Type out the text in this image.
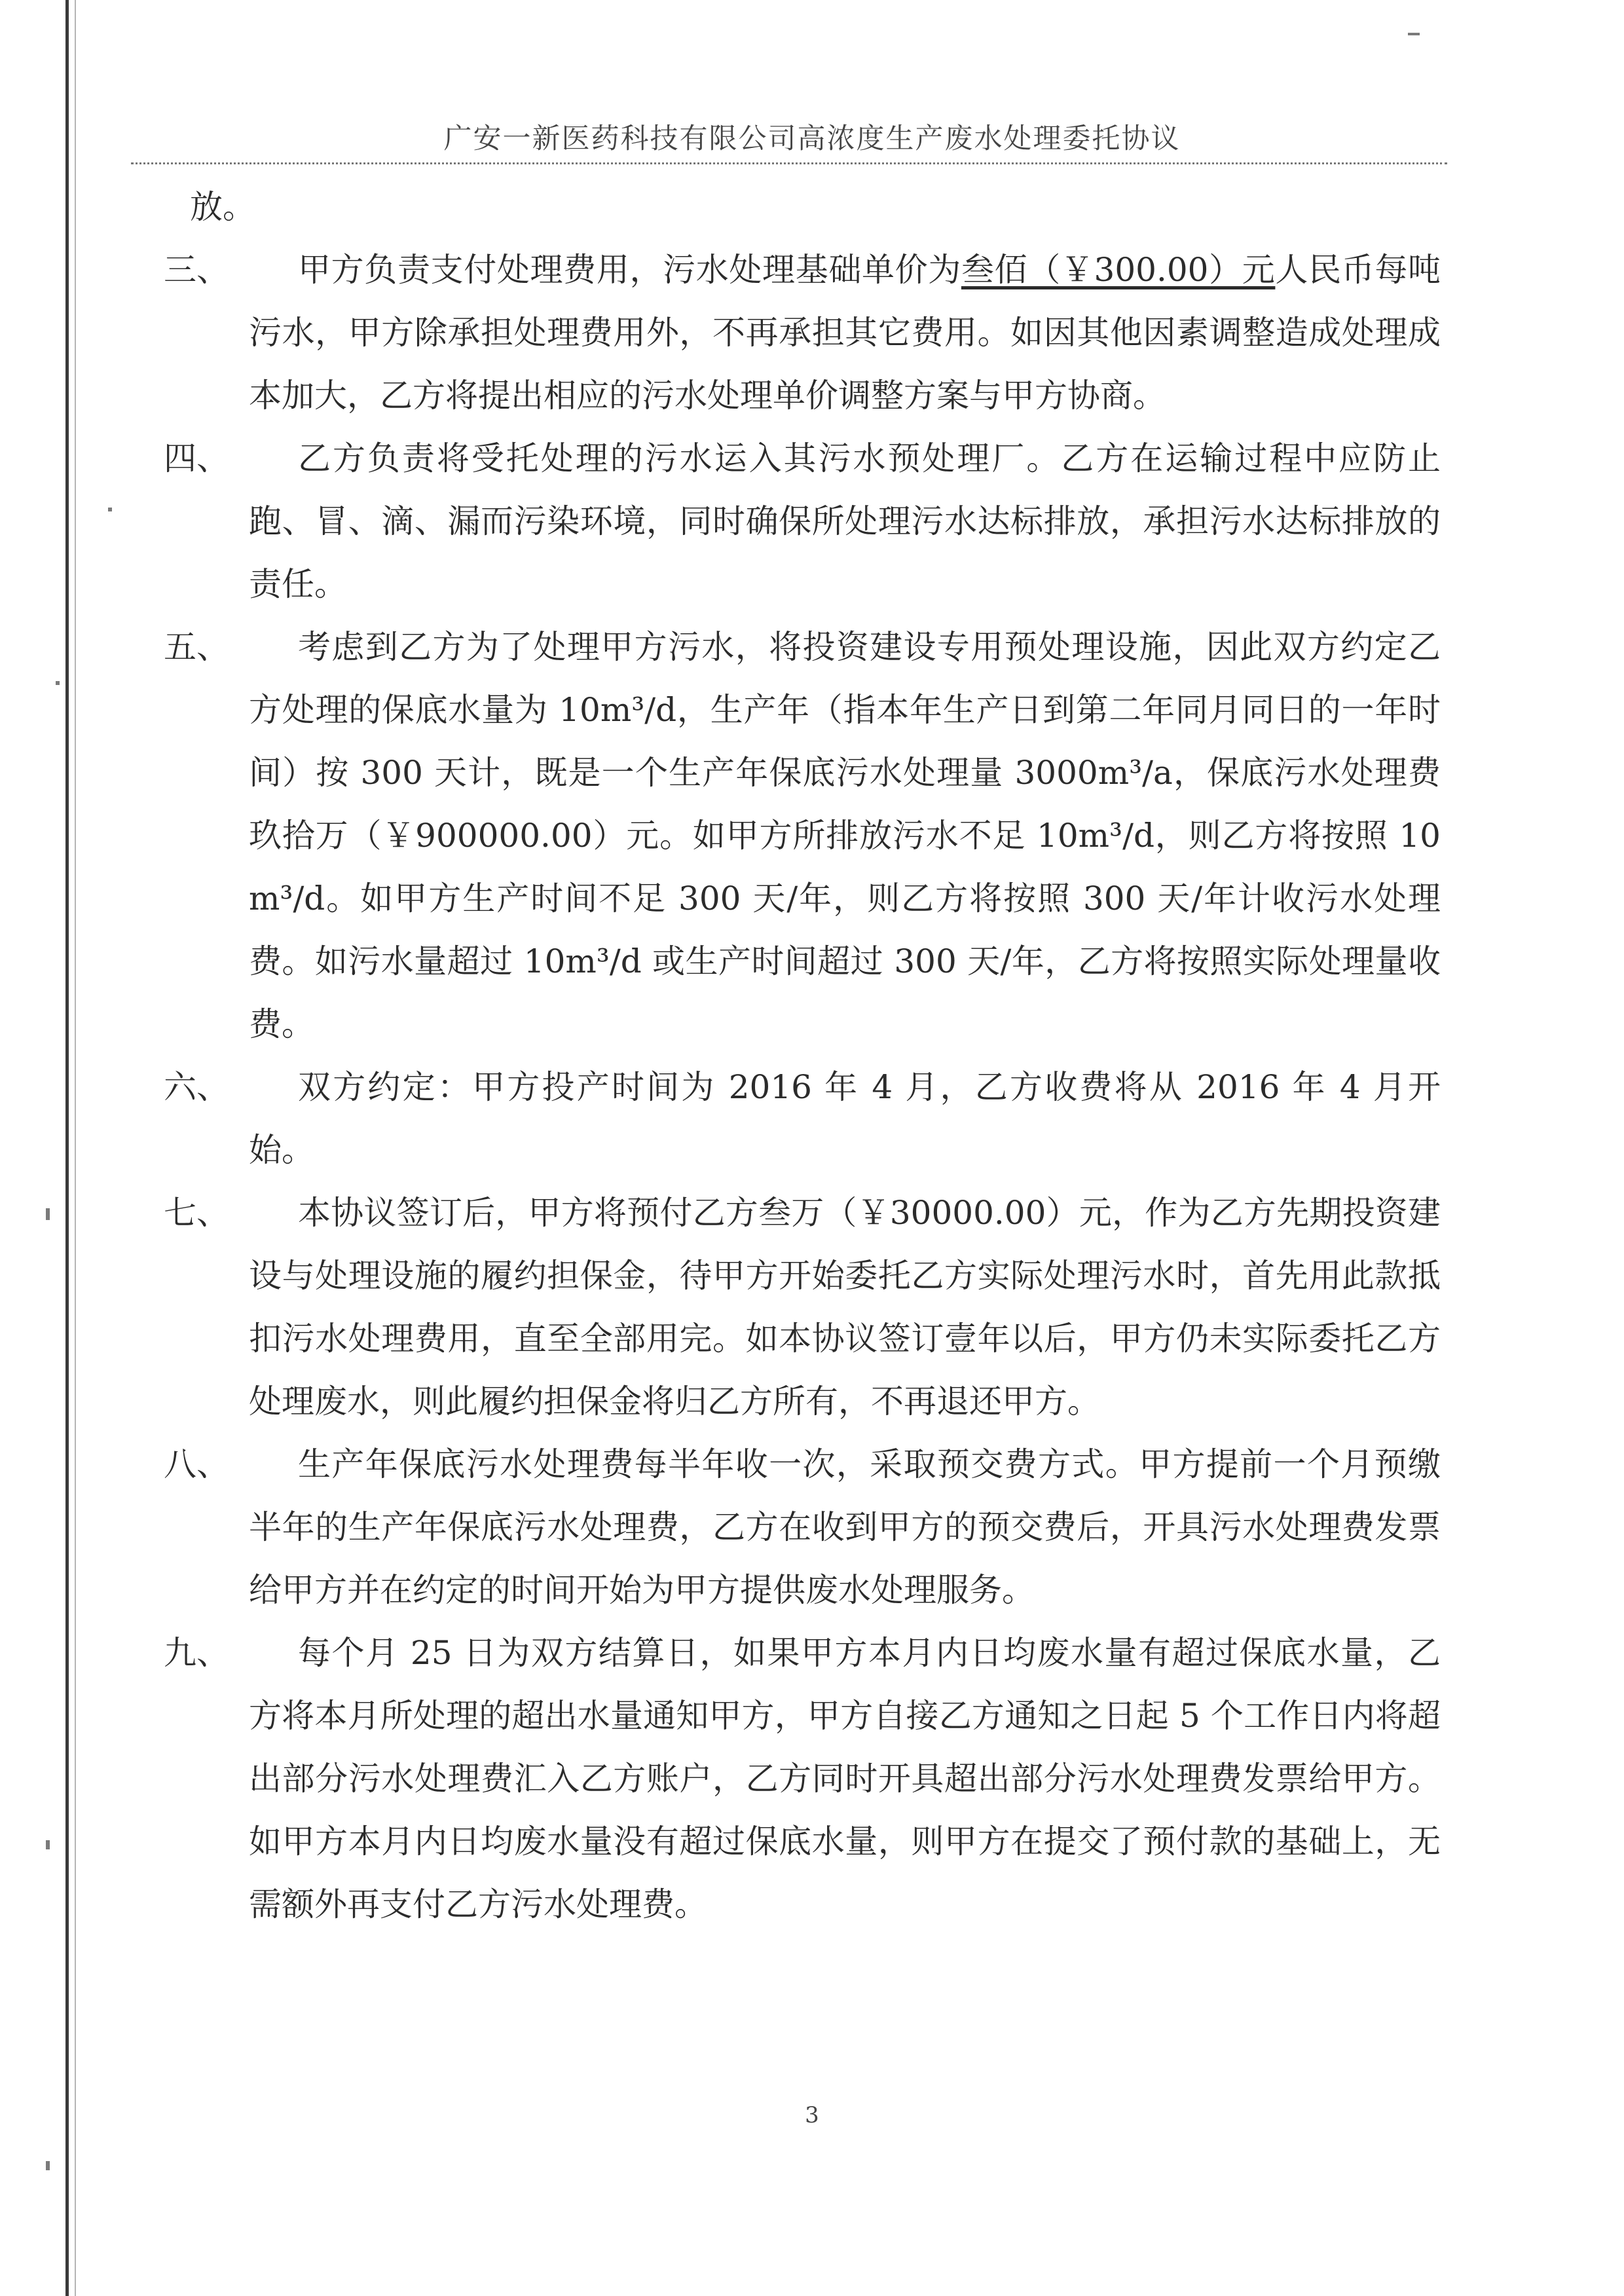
广安一新医药科技有限公司高浓度生产废水处理委托协议

放。

三、	甲方负责支付处理费用，污水处理基础单价为叁佰（￥300.00）元人民币每吨污水，甲方除承担处理费用外，不再承担其它费用。如因其他因素调整造成处理成本加大，乙方将提出相应的污水处理单价调整方案与甲方协商。

四、	乙方负责将受托处理的污水运入其污水预处理厂。乙方在运输过程中应防止跑、冒、滴、漏而污染环境，同时确保所处理污水达标排放，承担污水达标排放的责任。

五、	考虑到乙方为了处理甲方污水，将投资建设专用预处理设施，因此双方约定乙方处理的保底水量为 10m³/d，生产年（指本年生产日到第二年同月同日的一年时间）按 300 天计，既是一个生产年保底污水处理量 3000m³/a，保底污水处理费玖拾万（￥900000.00）元。如甲方所排放污水不足 10m³/d，则乙方将按照 10m³/d。如甲方生产时间不足 300 天/年，则乙方将按照 300 天/年计收污水处理费。如污水量超过 10m³/d 或生产时间超过 300 天/年，乙方将按照实际处理量收费。

六、	双方约定：甲方投产时间为 2016 年 4 月，乙方收费将从 2016 年 4 月开始。

七、	本协议签订后，甲方将预付乙方叁万（￥30000.00）元，作为乙方先期投资建设与处理设施的履约担保金，待甲方开始委托乙方实际处理污水时，首先用此款抵扣污水处理费用，直至全部用完。如本协议签订壹年以后，甲方仍未实际委托乙方处理废水，则此履约担保金将归乙方所有，不再退还甲方。

八、	生产年保底污水处理费每半年收一次，采取预交费方式。甲方提前一个月预缴半年的生产年保底污水处理费，乙方在收到甲方的预交费后，开具污水处理费发票给甲方并在约定的时间开始为甲方提供废水处理服务。

九、	每个月 25 日为双方结算日，如果甲方本月内日均废水量有超过保底水量，乙方将本月所处理的超出水量通知甲方，甲方自接乙方通知之日起 5 个工作日内将超出部分污水处理费汇入乙方账户，乙方同时开具超出部分污水处理费发票给甲方。如甲方本月内日均废水量没有超过保底水量，则甲方在提交了预付款的基础上，无需额外再支付乙方污水处理费。

3
